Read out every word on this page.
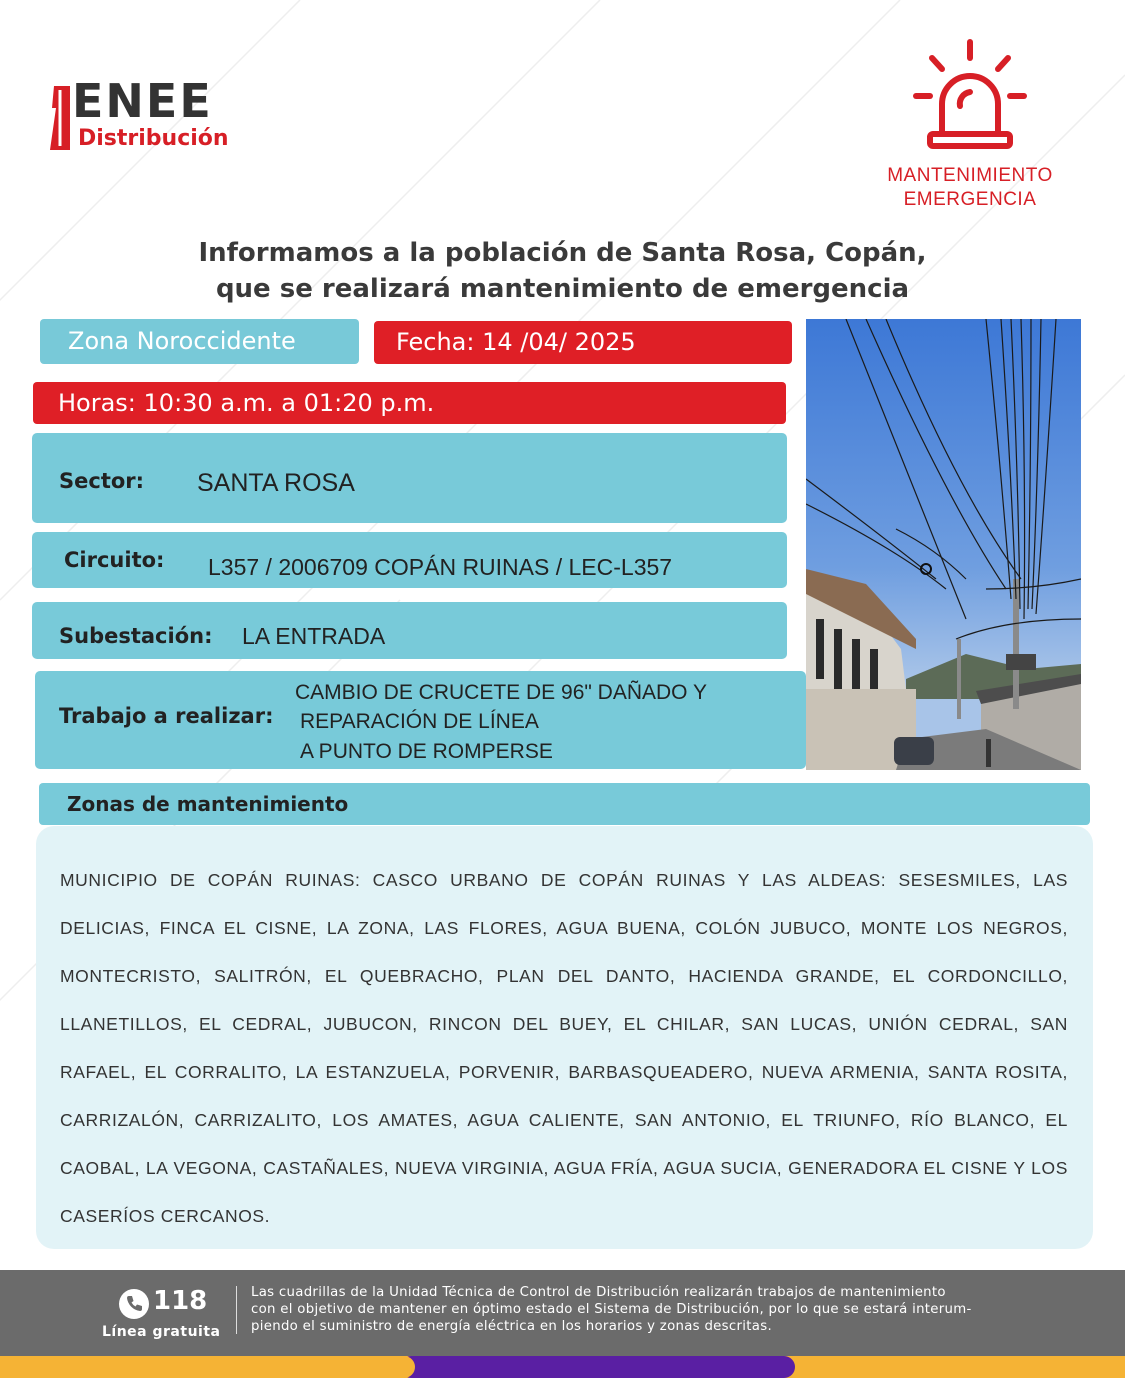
ENEE
Distribución
MANTENIMIENTO
EMERGENCIA
Informamos a la población de Santa Rosa, Copán,
que se realizará mantenimiento de emergencia
Zona Noroccidente	Fecha: 14 /04/ 2025
Horas: 10:30 a.m. a 01:20 p.m.
Sector: SANTA ROSA
Circuito: L357 / 2006709 COPÁN RUINAS / LEC-L357
Subestación: LA ENTRADA
Trabajo a realizar:
CAMBIO DE CRUCETE DE 96" DAÑADO Y
REPARACIÓN DE LÍNEA
A PUNTO DE ROMPERSE
Zonas de mantenimiento

MUNICIPIO DE COPÁN RUINAS: CASCO URBANO DE COPÁN RUINAS Y LAS ALDEAS: SESESMILES, LAS DELICIAS, FINCA EL CISNE, LA ZONA, LAS FLORES, AGUA BUENA, COLÓN JUBUCO, MONTE LOS NEGROS, MONTECRISTO, SALITRÓN, EL QUEBRACHO, PLAN DEL DANTO, HACIENDA GRANDE, EL CORDONCILLO, LLANETILLOS, EL CEDRAL, JUBUCON, RINCON DEL BUEY, EL CHILAR, SAN LUCAS, UNIÓN CEDRAL, SAN RAFAEL, EL CORRALITO, LA ESTANZUELA, PORVENIR, BARBASQUEADERO, NUEVA ARMENIA, SANTA ROSITA, CARRIZALÓN, CARRIZALITO, LOS AMATES, AGUA CALIENTE, SAN ANTONIO, EL TRIUNFO, RÍO BLANCO, EL CAOBAL, LA VEGONA, CASTAÑALES, NUEVA VIRGINIA, AGUA FRÍA, AGUA SUCIA, GENERADORA EL CISNE Y LOS CASERÍOS CERCANOS.

118
Línea gratuita
Las cuadrillas de la Unidad Técnica de Control de Distribución realizarán trabajos de mantenimiento
con el objetivo de mantener en óptimo estado el Sistema de Distribución, por lo que se estará interum-
piendo el suministro de energía eléctrica en los horarios y zonas descritas.
